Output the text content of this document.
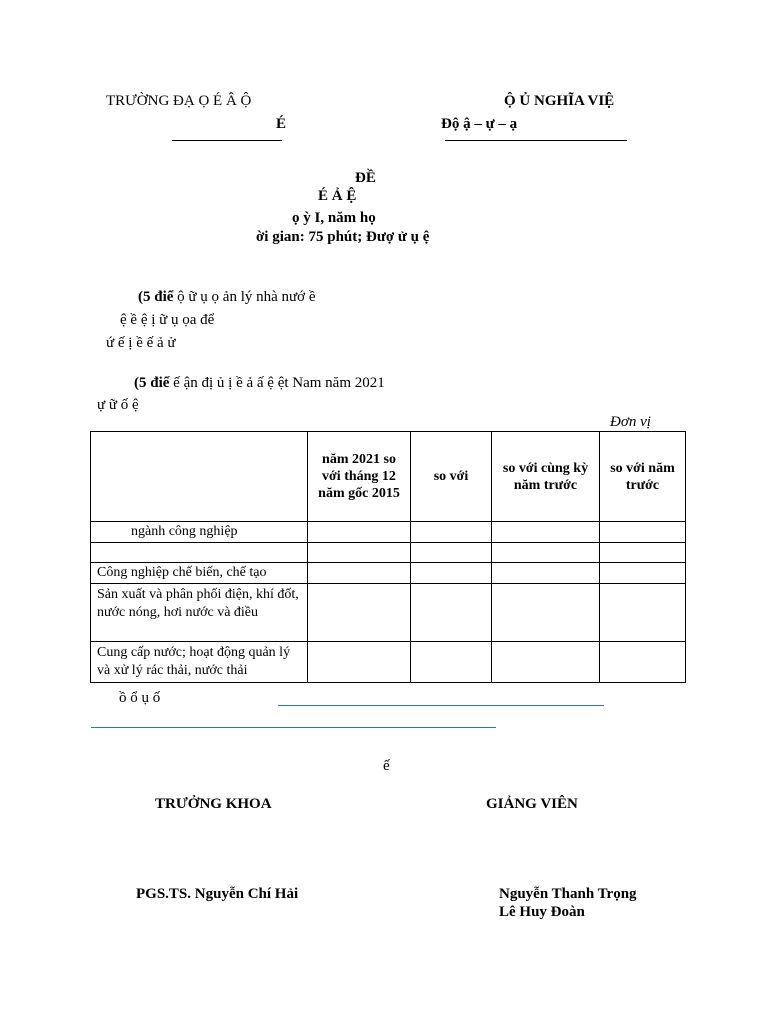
TRƯỜNG ĐẠ Ọ É Â Ộ
É
Ộ Ủ NGHĨA VIỆ
Độ ậ – ự – ạ
ĐỀ
É Ả Ệ
ọ ỳ I, năm họ
ời gian: 75 phút; Đượ ử ụ ệ
(5 điể ộ ữ ụ ọ ản lý nhà nướ ề
ệ ề ệ ị ữ ụ ọa để
ứ ế ị ề ế ả ử
(5 điể ế ận đị ủ ị ề ả ấ ệ ệt Nam năm 2021
ự ữ ố ệ
Đơn vị
	năm 2021 so với tháng 12 năm gốc 2015	so với	so với cùng kỳ năm trước	so với năm trước
ngành công nghiệp				

Công nghiệp chế biến, chế tạo				
Sản xuất và phân phối điện, khí đốt, nước nóng, hơi nước và điều				
Cung cấp nước; hoạt động quản lý và xử lý rác thải, nước thải				
ồ ổ ụ ố
ế
TRƯỞNG KHOA	GIẢNG VIÊN
PGS.TS. Nguyễn Chí Hải	Nguyễn Thanh Trọng
Lê Huy Đoàn
